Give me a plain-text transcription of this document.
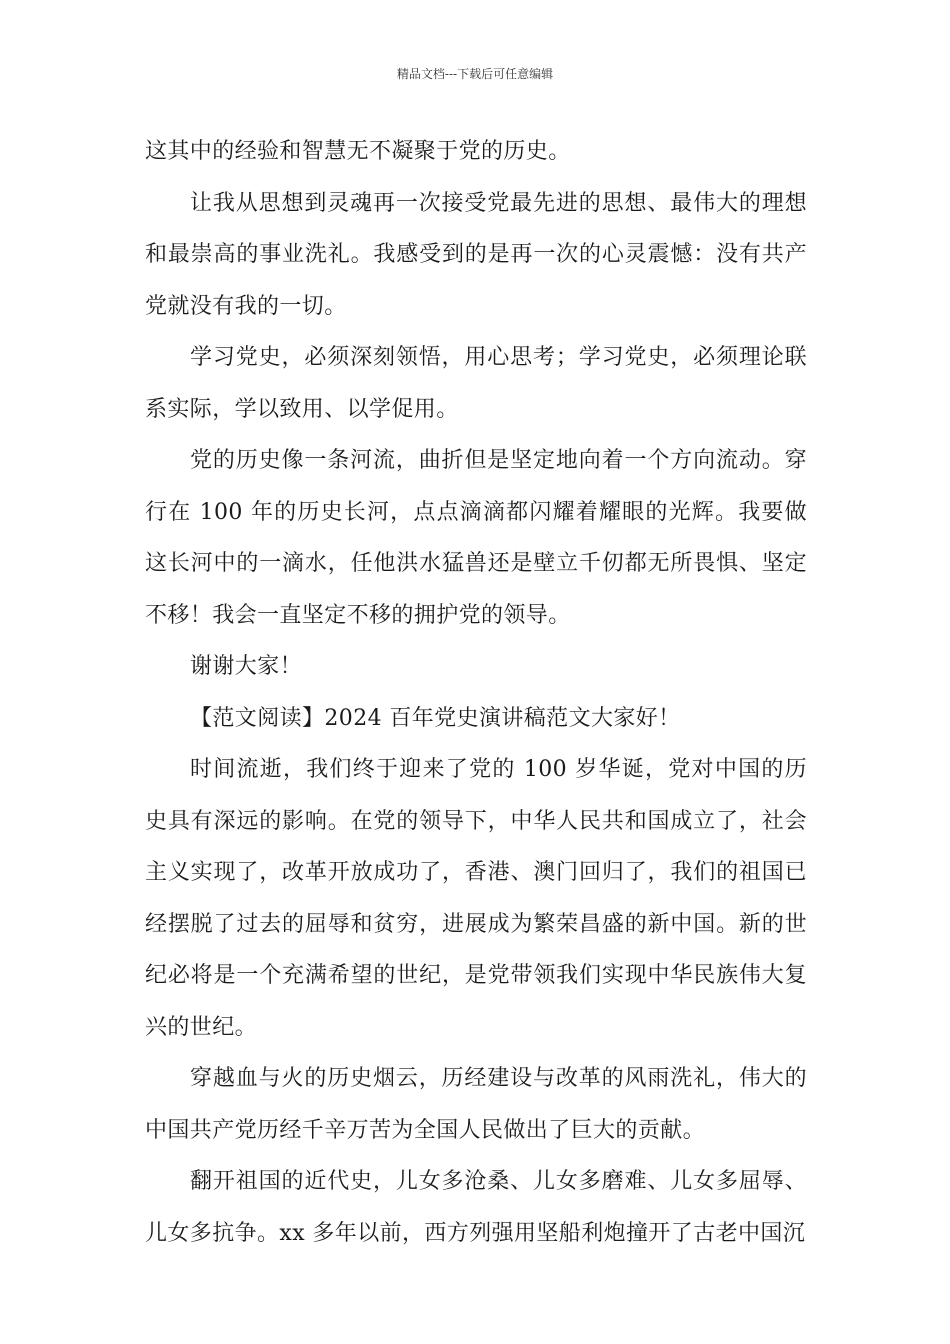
精品文档---下载后可任意编辑

这其中的经验和智慧无不凝聚于党的历史。

让我从思想到灵魂再一次接受党最先进的思想、最伟大的理想和最崇高的事业洗礼。我感受到的是再一次的心灵震憾：没有共产党就没有我的一切。

学习党史，必须深刻领悟，用心思考；学习党史，必须理论联系实际，学以致用、以学促用。

党的历史像一条河流，曲折但是坚定地向着一个方向流动。穿行在 100 年的历史长河，点点滴滴都闪耀着耀眼的光辉。我要做这长河中的一滴水，任他洪水猛兽还是壁立千仞都无所畏惧、坚定不移！我会一直坚定不移的拥护党的领导。

谢谢大家！

【范文阅读】2024 百年党史演讲稿范文大家好！

时间流逝，我们终于迎来了党的 100 岁华诞，党对中国的历史具有深远的影响。在党的领导下，中华人民共和国成立了，社会主义实现了，改革开放成功了，香港、澳门回归了，我们的祖国已经摆脱了过去的屈辱和贫穷，进展成为繁荣昌盛的新中国。新的世纪必将是一个充满希望的世纪，是党带领我们实现中华民族伟大复兴的世纪。

穿越血与火的历史烟云，历经建设与改革的风雨洗礼，伟大的中国共产党历经千辛万苦为全国人民做出了巨大的贡献。

翻开祖国的近代史，儿女多沧桑、儿女多磨难、儿女多屈辱、儿女多抗争。xx 多年以前，西方列强用坚船利炮撞开了古老中国沉
